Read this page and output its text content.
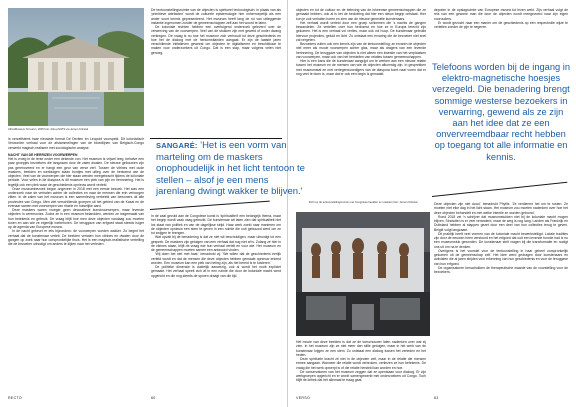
AfricaMuseum Tervuren, 2005 foto: dolo-ph/ATS via Jeroen Kohstal

in verzelfstemt haar nieuwste format De Dertien en Leopold voorspeld. Dit kolonistisch Verworden verhaal voor de afstammelingen van de bloedlijnen van Belgisch-Congo verwerkt magisch realisme met sociologische analyse.

NACHT VAN DE HERRIZEN VOORWERPEN

Het is vroeg in de lente onder een dekende zon. Het museum is vrijwel leeg, behalve een paar groepjes bezoekers die langzaam door de zalen dwalen. De nieuwe gebouwen zijn pas gerenoveerd en er hangt een geur van verse verf. Tussen de vitrines met oude maskers, beelden en werktuigen staan bordjes met uitleg over de herkomst van de objecten. Veel van de voorwerpen die hier staan werden meegebracht tijdens de koloniale periode. Voor velen in de diaspora is dit museum een plek van pijn en herinnering. Het is tegelijk ook een plek waar de geschiedenis opnieuw wordt verteld.

Onze museumbezoek begon ongeveer in 2018 met een eerste bezoek. Het was een onderzoek naar de verhalen achter de collecties en naar de mensen die erin verborgen zitten. In de zalen van het museum is een samenleving verbeeld van bewoners uit alle provincies van Congo. Men ziet verschillende groepen uit het gebied van de Kasai en de evenaar samen met voorwerpen van rituele en huiselijke aard.

Deze maskers waren vroeger geen decoratieve kunstvoorwerpen, maar levende objecten in ceremonies. Zodra ze in een museum belandden, werden ze losgemaakt van hun betekenis en gebruik. De vraag blijft hoe men deze objecten vandaag zou moeten tonen en aan wie ze eigenlijk toebehoren. De teruggave van erfgoed staat steeds hoger op de agenda van Europese musea.

In de nacht gebeurt er iets bijzonders: de voorwerpen worden wakker. Zo begint het verhaal dat de kunstenaar vertelt. De beelden verlaten hun vitrines en dwalen door de gangen op zoek naar hun oorspronkelijke thuis. Het is een magisch-realistische vertelling die de bezoeker uitnodigt om anders te kijken naar het verleden.

De tentoonstellingsruimte van de objecten is spiritueel technologisch: in plaats van als 'primitieve artefacten' wordt de culturele epistemologie hier onherroepelijk als een ander soort kennis gepresenteerd. Het museum heeft lang de rol van uitleggende instantie ingenomen zonder de gemeenschappen zelf aan het woord te laten.

De koloniale rechten hebben een overtuigend onderzoek geleverd over de verwerving van de voorwerpen. Veel van de stukken zijn met geweld of onder dwang verkregen. De vraag is nu hoe het museum zich verhoudt tot deze geschiedenis en hoe het de dialoog met de herkomstlanden aangaat. Er zijn de laatste jaren verschillende initiatieven geweest om objecten te digitaliseren en beschikbaar te maken voor onderzoekers uit Congo. Dat is een stap, maar volgens velen niet genoeg.

SANGARÉ: 'Het is een vorm van marteling om de maskers onophoudelijk in het licht tentoon te stellen – alsof je een mens jarenlang dwingt wakker te blijven.'

In de zaal gevuld aan de Congolese kunst is 'spiritualiteit' een belangrijk thema, maar het begrip wordt vaak vaag gebruikt. De kunstenaar wil laten zien dat spiritualiteit niet los staat van politiek en van de dagelijkse strijd. Haar werk zoekt naar manieren om de objecten opnieuw een stem te geven in een ruimte die ooit gebouwd werd om ze tot zwijgen te brengen.

Wat opvalt bij de benadering is dat ze niet wil beschuldigen, maar uitnodigt tot een gesprek. De maskers zijn getuigen van een verhaal dat nog niet af is. Zolang ze hier in de vitrines staan, blijft de vraag wie hun verhaal vertelt en voor wie. Het museum en de gemeenschappen moeten samen een antwoord vinden.

'Wij doen het niet met haat,' benadrukt zij. 'We willen dat de geschiedenis eerlijk verteld wordt en dat de mensen die deze objecten hebben gemaakt opnieuw erkend worden. Een museum kan een plek van heling zijn, als het bereid is te luisteren.'

De politieke dimensie is duidelijk aanwezig, ook al wordt het nooit expliciet gemaakt. Het verhaal speelt zich af in een ruimte die door de koloniale macht werd opgericht en die nog steeds de sporen draagt van die tijd.

RECTO	60

objecten en tot de cultuur en de beleving van de inheemse gemeenschappen die ze gemaakt hebben, ook al is het de bedoeling dat hier een nieuw begrip ontstaat. Hier kun je ook verhalen horen en zien van de nieuwe generatie kunstenaars.

Het verhaal wordt verteld door een groep schimmen die 's nachts de gangen bewandelen. Ze vertellen over hun herkomst en hoe ze in Europa terecht zijn gekomen. Het is een verhaal vol verlies, maar ook vol hoop. De kunstenaar gebruikt hiervoor projecties, geluid en licht. Zo ontstaat een ervaring die de bezoeker niet snel zal vergeten.

Bezoekers zullen ook een kennis zijn van de tentoonstelling; ze ervaren de objecten niet meer als mooie voorwerpen achter glas, maar als dragers van een levende herinnering. De teruggave van objecten is niet alleen een kwestie van het verplaatsen van voorwerpen, maar ook van het herstellen van relaties tussen gemeenschappen.

Hier is een kans die de kunstenaar aangrijpt om te werken aan een nieuwe relatie tussen het museum en de mensen van wie de objecten afkomstig zijn. In gesprekken met museumstaf en met vertegenwoordigers van de diaspora komt naar voren dat er nog veel te doen is, maar dat er ook een begin is gemaakt.

depoten in de opslagruimte van Europese musea tot leven wekt. Zijn verhaal volgt de reis van een gewone man die door de objecten wordt meegevoerd naar zijn eigen voorouders.

Er wordt gezocht naar een manier om de geschiedenis op een respectvolle wijze te vertellen zonder de pijn te negeren.

Telefoons worden bij de ingang in elektro-magnetische hoesjes verzegeld. Die benadering brengt sommige westerse bezoekers in verwarring, gewend als ze zijn aan het idee dat ze een onvervreemdbaar recht hebben op toegang tot alle informatie en kennis.
Zicht op de tentoonstellingsruimte met Congolese beelden en maskers foto: Jeroen Kohstal

Het mooie van deze beelden is dat ze de toeschouwer laten nadenken over wat zij zien. In het museum zijn ze niet meer dan stille getuigen, maar in het werk van de kunstenaar krijgen ze een stem. Zo ontstaat een dialoog tussen het verleden en het heden.

Deze spirituele kracht zit niet in de objecten zelf, maar in de relatie die mensen ermee aangaan. Wanneer die relatie wordt verbroken, verliezen ze hun betekenis. De vraag die het werk opwerpt is of die relatie hersteld kan worden en hoe.

De conservatoren van het museum zeggen dat ze openstaan voor dialoog. Er zijn werkgroepen opgericht en er wordt samengewerkt met onderzoekers uit Congo. Toch blijft de kritiek dat het allemaal te traag gaat.

Deze objecten zijn niet dood,' benadrukt Phyllis. 'Ze verdienen het om te rusten. Ze moeten niet elke dag in het licht staan. Het museum zou moeten nadenken over hoe het deze objecten behandelt en met welke intentie ze worden getoond.'

Rond 2018 zei 'n schrijver dat museumstukken niet bij de koloniale macht mogen blijven. Sindsdien is er veel veranderd, maar de weg is nog lang. Landen als Frankrijk en Duitsland hebben al stappen gezet door een deel van hun collecties terug te geven. België volgt langzaam.

Dit praktijk heeft veel vormen van de koloniale macht bewerkstelligd. Lokale tradities zijn door de eeuwen heen verstoord en het erfgoed dat ooit een levende functie had is nu een museumstuk geworden. De kunstenaar stelt vragen bij die transformatie en nodigt ons uit om na te denken.

Overigens is het voorstel voor de tentoonstelling in haar geheel oorspronkelijk gekomen uit de gemeenschap zelf. Het idee werd gedragen door kunstenaars en activisten die al jaren strijden voor erkenning van hun geschiedenis en voor de teruggave van hun erfgoed.

De organisatoren benadrukken de therapeutische waarde van de voorstelling voor de bezoekers.

VERSO	63
